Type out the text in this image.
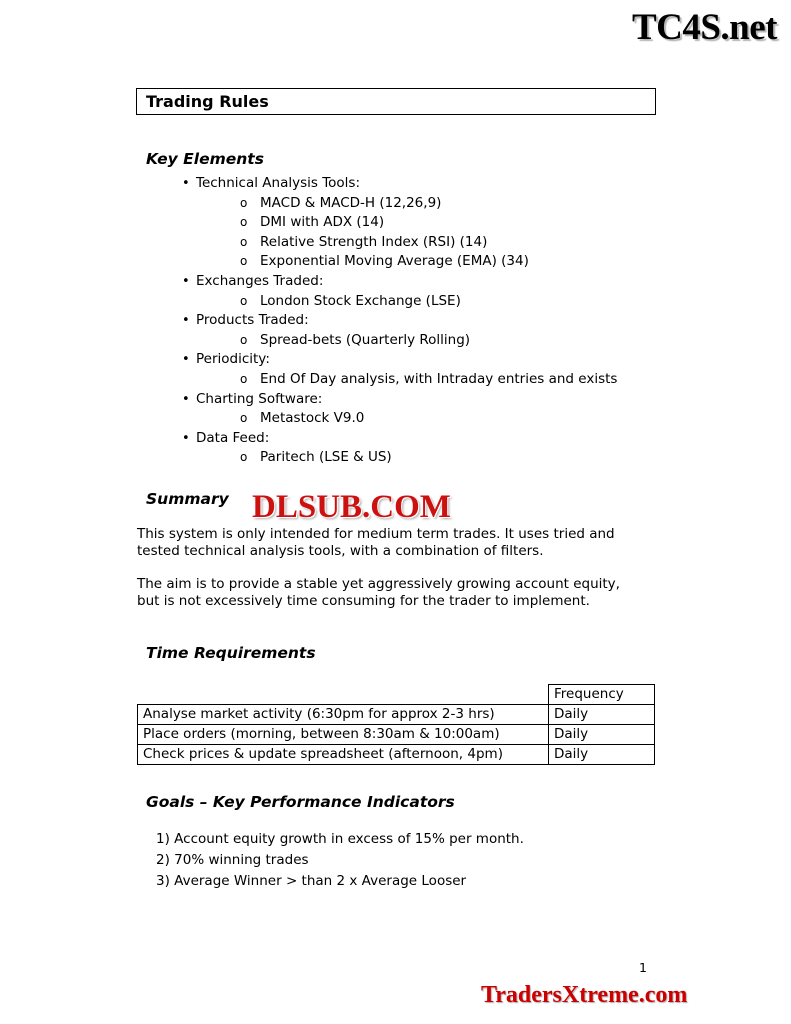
TC4S.net
Trading Rules
Key Elements
• Technical Analysis Tools:
o MACD & MACD-H (12,26,9)
o DMI with ADX (14)
o Relative Strength Index (RSI) (14)
o Exponential Moving Average (EMA) (34)
• Exchanges Traded:
o London Stock Exchange (LSE)
• Products Traded:
o Spread-bets (Quarterly Rolling)
• Periodicity:
o End Of Day analysis, with Intraday entries and exists
• Charting Software:
o Metastock V9.0
• Data Feed:
o Paritech (LSE & US)
Summary

This system is only intended for medium term trades. It uses tried and tested technical analysis tools, with a combination of filters.

The aim is to provide a stable yet aggressively growing account equity, but is not excessively time consuming for the trader to implement.

Time Requirements
	Frequency
Analyse market activity (6:30pm for approx 2-3 hrs)	Daily
Place orders (morning, between 8:30am & 10:00am)	Daily
Check prices & update spreadsheet (afternoon, 4pm)	Daily
Goals – Key Performance Indicators
1) Account equity growth in excess of 15% per month.
2) 70% winning trades
3) Average Winner > than 2 x Average Looser
DLSUB.COM
1
TradersXtreme.com
